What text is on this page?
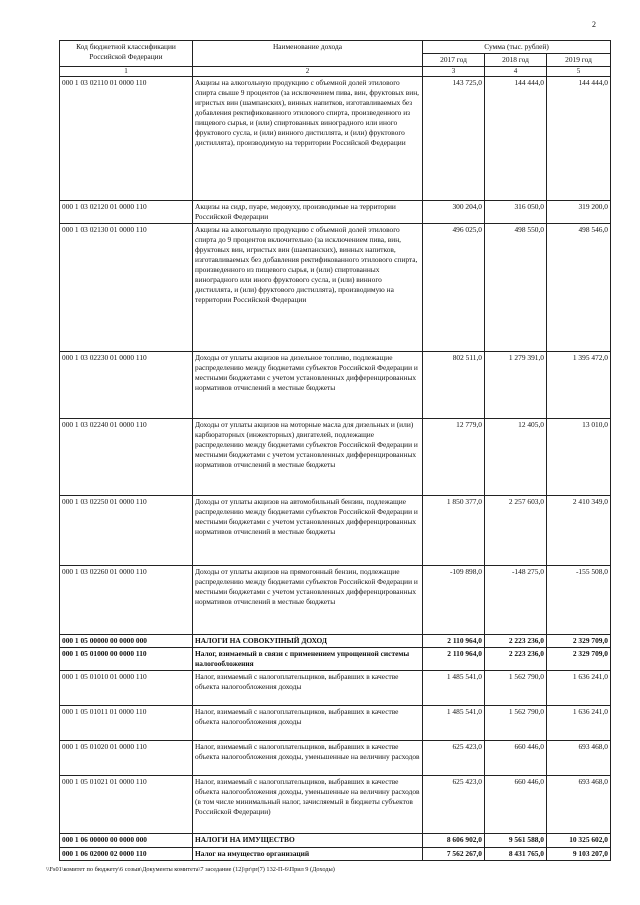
2
Код бюджетной классификации Российской Федерации	Наименование дохода	Сумма (тыс. рублей)		
		2017 год	2018 год	2019 год
1	2	3	4	5
000 1 03 02110 01 0000 110	Акцизы на алкогольную продукцию с объемной долей этилового спирта свыше 9 процентов (за исключением пива, вин, фруктовых вин, игристых вин (шампанских), винных напитков, изготавливаемых без добавления ректификованного этилового спирта, произведенного из пищевого сырья, и (или) спиртованных виноградного или иного фруктового сусла, и (или) винного дистиллята, и (или) фруктового дистиллята), производимую на территории Российской Федерации	143 725,0	144 444,0	144 444,0
000 1 03 02120 01 0000 110	Акцизы на сидр, пуаре, медовуху, производимые на территории Российской Федерации	300 204,0	316 050,0	319 200,0
000 1 03 02130 01 0000 110	Акцизы на алкогольную продукцию с объемной долей этилового спирта до 9 процентов включительно (за исключением пива, вин, фруктовых вин, игристых вин (шампанских), винных напитков, изготавливаемых без добавления ректификованного этилового спирта, произведенного из пищевого сырья, и (или) спиртованных виноградного или иного фруктового сусла, и (или) винного дистиллята, и (или) фруктового дистиллята), производимую на территории Российской Федерации	496 025,0	498 550,0	498 546,0
000 1 03 02230 01 0000 110	Доходы от уплаты акцизов на дизельное топливо, подлежащие распределению между бюджетами субъектов Российской Федерации и местными бюджетами с учетом установленных дифференцированных нормативов отчислений в местные бюджеты	802 511,0	1 279 391,0	1 395 472,0
000 1 03 02240 01 0000 110	Доходы от уплаты акцизов на моторные масла для дизельных и (или) карбюраторных (инжекторных) двигателей, подлежащие распределению между бюджетами субъектов Российской Федерации и местными бюджетами с учетом установленных дифференцированных нормативов отчислений в местные бюджеты	12 779,0	12 405,0	13 010,0
000 1 03 02250 01 0000 110	Доходы от уплаты акцизов на автомобильный бензин, подлежащие распределению между бюджетами субъектов Российской Федерации и местными бюджетами с учетом установленных дифференцированных нормативов отчислений в местные бюджеты	1 850 377,0	2 257 603,0	2 410 349,0
000 1 03 02260 01 0000 110	Доходы от уплаты акцизов на прямогонный бензин, подлежащие распределению между бюджетами субъектов Российской Федерации и местными бюджетами с учетом установленных дифференцированных нормативов отчислений в местные бюджеты	-109 898,0	-148 275,0	-155 508,0
000 1 05 00000 00 0000 000	НАЛОГИ НА СОВОКУПНЫЙ ДОХОД	2 110 964,0	2 223 236,0	2 329 709,0
000 1 05 01000 00 0000 110	Налог, взимаемый в связи с применением упрощенной системы налогообложения	2 110 964,0	2 223 236,0	2 329 709,0
000 1 05 01010 01 0000 110	Налог, взимаемый с налогоплательщиков, выбравших в качестве объекта налогообложения доходы	1 485 541,0	1 562 790,0	1 636 241,0
000 1 05 01011 01 0000 110	Налог, взимаемый с налогоплательщиков, выбравших в качестве объекта налогообложения доходы	1 485 541,0	1 562 790,0	1 636 241,0
000 1 05 01020 01 0000 110	Налог, взимаемый с налогоплательщиков, выбравших в качестве объекта налогообложения доходы, уменьшенные на величину расходов	625 423,0	660 446,0	693 468,0
000 1 05 01021 01 0000 110	Налог, взимаемый с налогоплательщиков, выбравших в качестве объекта налогообложения доходы, уменьшенные на величину расходов (в том числе минимальный налог, зачисляемый в бюджеты субъектов Российской Федерации)	625 423,0	660 446,0	693 468,0
000 1 06 00000 00 0000 000	НАЛОГИ НА ИМУЩЕСТВО	8 606 902,0	9 561 588,0	10 325 602,0
000 1 06 02000 02 0000 110	Налог на имущество организаций	7 562 267,0	8 431 765,0	9 103 207,0
\\Fs01\комитет по бюджету\6 созыв\Документы комитета\7 заседание (12)\pr\pr(7) 132-П-6\Прил 9 (Доходы)
